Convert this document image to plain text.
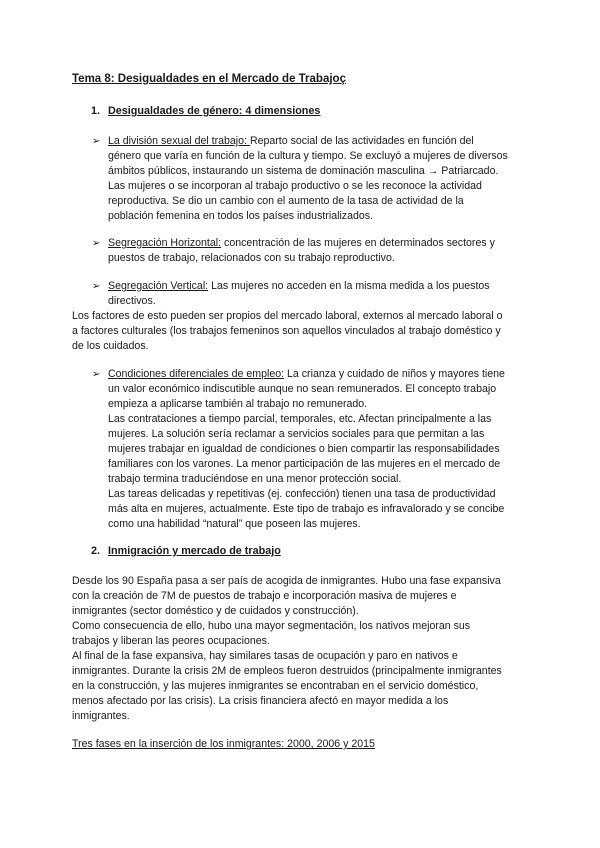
Tema 8: Desigualdades en el Mercado de Trabajoç
1. Desigualdades de género: 4 dimensiones
➢ La división sexual del trabajo: Reparto social de las actividades en función del
género que varía en función de la cultura y tiempo. Se excluyó a mujeres de diversos
ámbitos públicos, instaurando un sistema de dominación masculina → Patriarcado.
Las mujeres o se incorporan al trabajo productivo o se les reconoce la actividad
reproductiva. Se dio un cambio con el aumento de la tasa de actividad de la
población femenina en todos los países industrializados.
➢ Segregación Horizontal: concentración de las mujeres en determinados sectores y
puestos de trabajo, relacionados con su trabajo reproductivo.
➢ Segregación Vertical: Las mujeres no acceden en la misma medida a los puestos
directivos.
Los factores de esto pueden ser propios del mercado laboral, externos al mercado laboral o
a factores culturales (los trabajos femeninos son aquellos vinculados al trabajo doméstico y
de los cuidados.
➢ Condiciones diferenciales de empleo: La crianza y cuidado de niños y mayores tiene
un valor económico indiscutible aunque no sean remunerados. El concepto trabajo
empieza a aplicarse también al trabajo no remunerado.
Las contrataciones a tiempo parcial, temporales, etc. Afectan principalmente a las
mujeres. La solución sería reclamar a servicios sociales para que permitan a las
mujeres trabajar en igualdad de condiciones o bien compartir las responsabilidades
familiares con los varones. La menor participación de las mujeres en el mercado de
trabajo termina traduciéndose en una menor protección social.
Las tareas delicadas y repetitivas (ej. confección) tienen una tasa de productividad
más alta en mujeres, actualmente. Este tipo de trabajo es infravalorado y se concibe
como una habilidad “natural” que poseen las mujeres.
2. Inmigración y mercado de trabajo
Desde los 90 España pasa a ser país de acogida de inmigrantes. Hubo una fase expansiva
con la creación de 7M de puestos de trabajo e incorporación masiva de mujeres e
inmigrantes (sector doméstico y de cuidados y construcción).
Como consecuencia de ello, hubo una mayor segmentación, los nativos mejoran sus
trabajos y liberan las peores ocupaciones.
Al final de la fase expansiva, hay similares tasas de ocupación y paro en nativos e
inmigrantes. Durante la crisis 2M de empleos fueron destruidos (principalmente inmigrantes
en la construcción, y las mujeres inmigrantes se encontraban en el servicio doméstico,
menos afectado por las crisis). La crisis financiera afectó en mayor medida a los
inmigrantes.
Tres fases en la inserción de los inmigrantes: 2000, 2006 y 2015
